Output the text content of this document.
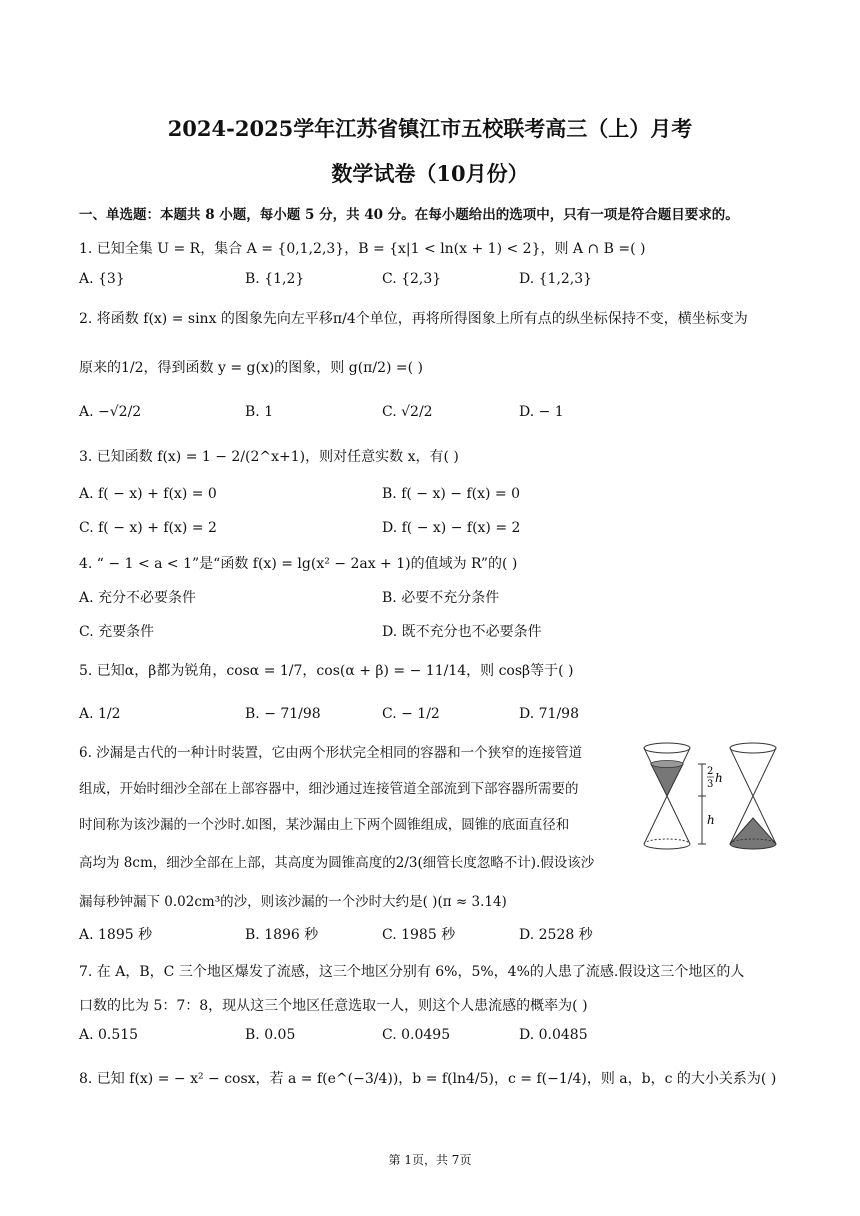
2024-2025学年江苏省镇江市五校联考高三（上）月考
数学试卷（10月份）
一、单选题：本题共 8 小题，每小题 5 分，共 40 分。在每小题给出的选项中，只有一项是符合题目要求的。
1. 已知全集 U = R，集合 A = {0,1,2,3}，B = {x|1 < ln(x + 1) < 2}，则 A ∩ B =( )
A. {3}	B. {1,2}	C. {2,3}	D. {1,2,3}
2. 将函数 f(x) = sinx 的图象先向左平移π/4个单位，再将所得图象上所有点的纵坐标保持不变，横坐标变为
原来的1/2，得到函数 y = g(x)的图象，则 g(π/2) =( )
A. −√2/2	B. 1	C. √2/2	D. − 1
3. 已知函数 f(x) = 1 − 2/(2^x+1)，则对任意实数 x，有( )
A. f( − x) + f(x) = 0	B. f( − x) − f(x) = 0
C. f( − x) + f(x) = 2	D. f( − x) − f(x) = 2
4. “ − 1 < a < 1”是“函数 f(x) = lg(x² − 2ax + 1)的值域为 R”的( )
A. 充分不必要条件	B. 必要不充分条件
C. 充要条件	D. 既不充分也不必要条件
5. 已知α，β都为锐角，cosα = 1/7，cos(α + β) = − 11/14，则 cosβ等于( )
A. 1/2	B. − 71/98	C. − 1/2	D. 71/98
6. 沙漏是古代的一种计时装置，它由两个形状完全相同的容器和一个狭窄的连接管道
组成，开始时细沙全部在上部容器中，细沙通过连接管道全部流到下部容器所需要的
时间称为该沙漏的一个沙时.如图，某沙漏由上下两个圆锥组成，圆锥的底面直径和
高均为 8cm，细沙全部在上部，其高度为圆锥高度的2/3(细管长度忽略不计).假设该沙
漏每秒钟漏下 0.02cm³的沙，则该沙漏的一个沙时大约是( )(π ≈ 3.14)
A. 1895 秒	B. 1896 秒	C. 1985 秒	D. 2528 秒
2
3 h
h
7. 在 A，B，C 三个地区爆发了流感，这三个地区分别有 6%，5%，4%的人患了流感.假设这三个地区的人
口数的比为 5：7：8，现从这三个地区任意选取一人，则这个人患流感的概率为( )
A. 0.515	B. 0.05	C. 0.0495	D. 0.0485
8. 已知 f(x) = − x² − cosx，若 a = f(e^(−3/4))，b = f(ln4/5)，c = f(−1/4)，则 a，b，c 的大小关系为( )
第 1页，共 7页
